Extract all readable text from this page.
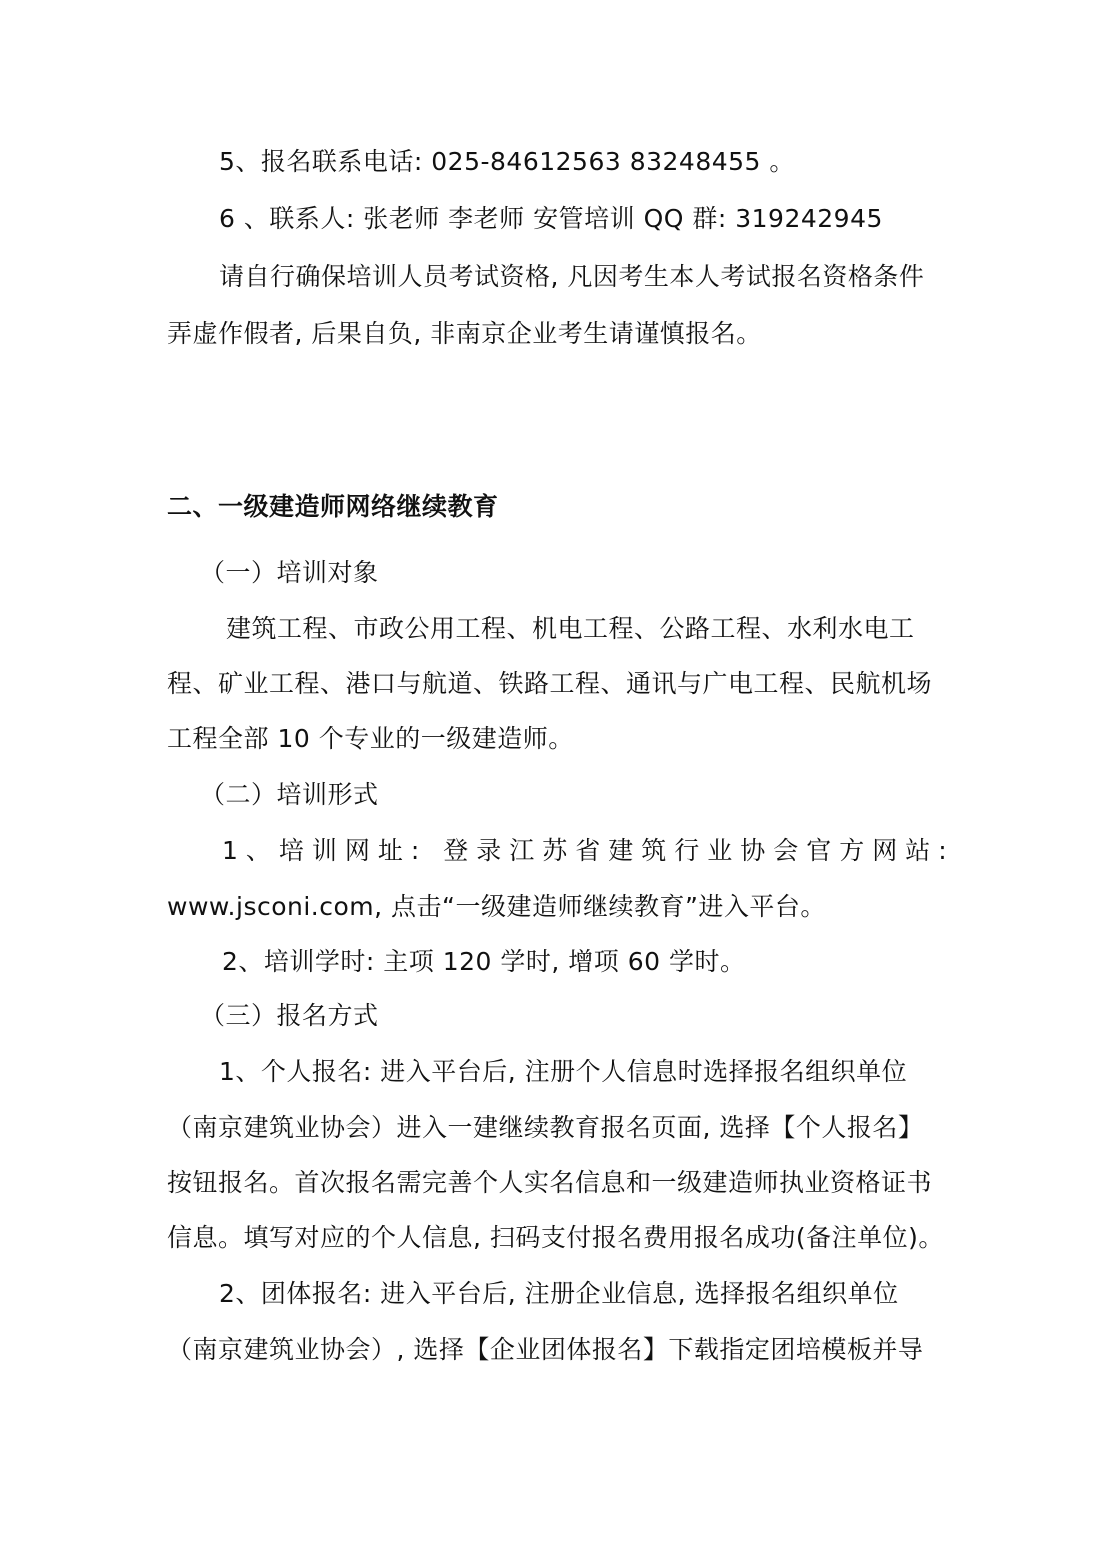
5、报名联系电话: 025-84612563 83248455 。
6 、联系人: 张老师 李老师 安管培训 QQ 群: 319242945
请自行确保培训人员考试资格, 凡因考生本人考试报名资格条件
弄虚作假者, 后果自负, 非南京企业考生请谨慎报名。
二、一级建造师网络继续教育
（一）培训对象
建筑工程、市政公用工程、机电工程、公路工程、水利水电工
程、矿业工程、港口与航道、铁路工程、通讯与广电工程、民航机场
工程全部 10 个专业的一级建造师。
（二）培训形式
1、培训网址: 登录江苏省建筑行业协会官方网站:
www.jsconi.com, 点击“一级建造师继续教育”进入平台。
2、培训学时: 主项 120 学时, 增项 60 学时。
（三）报名方式
1、个人报名: 进入平台后, 注册个人信息时选择报名组织单位
（南京建筑业协会）进入一建继续教育报名页面, 选择【个人报名】
按钮报名。首次报名需完善个人实名信息和一级建造师执业资格证书
信息。填写对应的个人信息, 扫码支付报名费用报名成功(备注单位)。
2、团体报名: 进入平台后, 注册企业信息, 选择报名组织单位
（南京建筑业协会）, 选择【企业团体报名】下载指定团培模板并导
